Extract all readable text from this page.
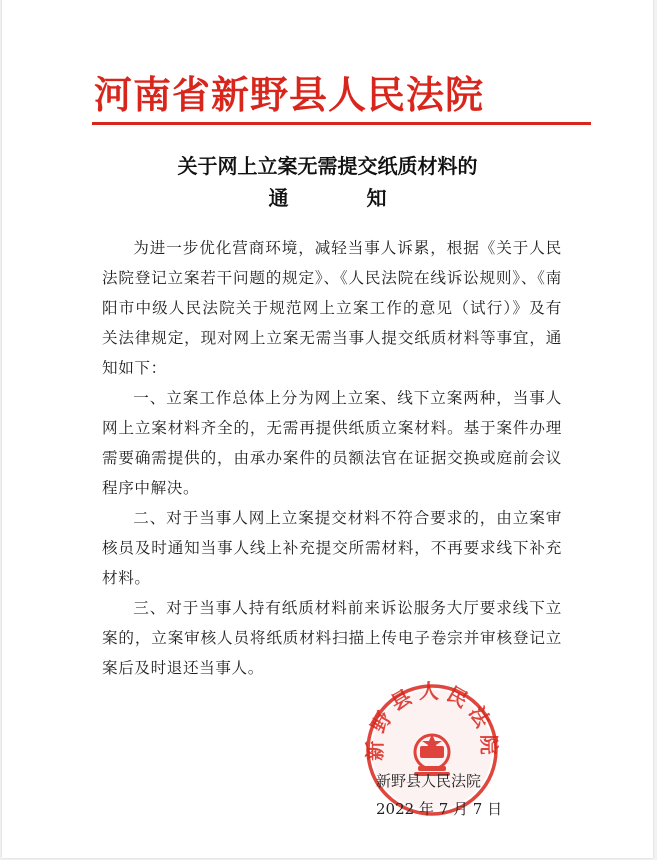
河南省新野县人民法院
关于网上立案无需提交纸质材料的
通	知

为进一步优化营商环境，减轻当事人诉累，根据《关于人民法院登记立案若干问题的规定》、《人民法院在线诉讼规则》、《南阳市中级人民法院关于规范网上立案工作的意见（试行）》及有关法律规定，现对网上立案无需当事人提交纸质材料等事宜，通知如下：

一、立案工作总体上分为网上立案、线下立案两种，当事人网上立案材料齐全的，无需再提供纸质立案材料。基于案件办理需要确需提供的，由承办案件的员额法官在证据交换或庭前会议程序中解决。

二、对于当事人网上立案提交材料不符合要求的，由立案审核员及时通知当事人线上补充提交所需材料，不再要求线下补充材料。

三、对于当事人持有纸质材料前来诉讼服务大厅要求线下立案的，立案审核人员将纸质材料扫描上传电子卷宗并审核登记立案后及时退还当事人。

新野县人民法院
新野县人民法院
2022 年 7 月 7 日
